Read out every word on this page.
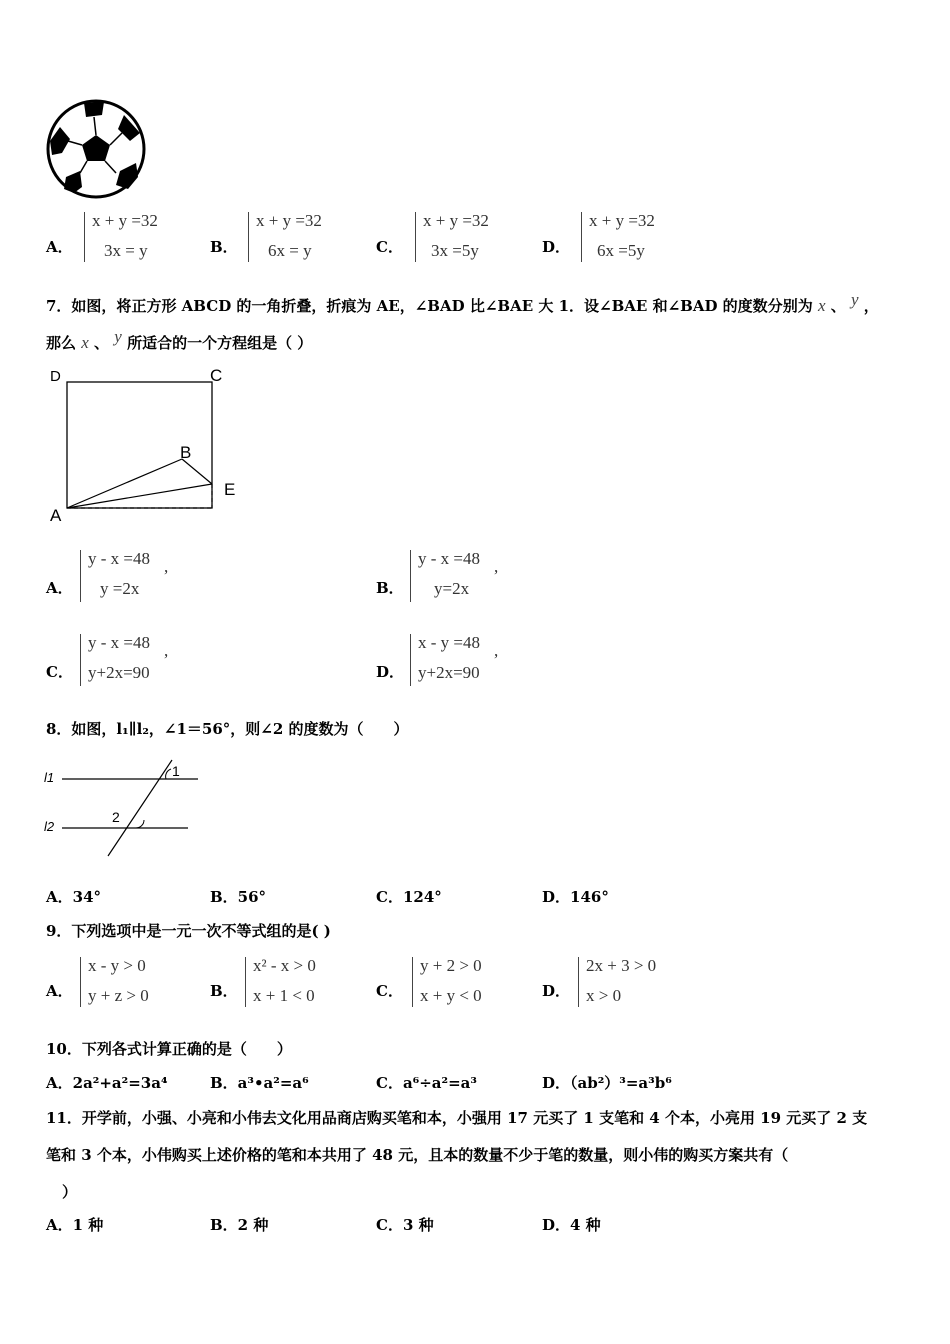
A．
x + y =32
3x = y	B．
x + y =32
6x = y	C．
x + y =32
3x =5y	D．
x + y =32
6x =5y
7．如图，将正方形 ABCD 的一角折叠，折痕为 AE，∠BAD 比∠BAE 大 1．设∠BAE 和∠BAD 的度数分别为 x 、 y ，
那么 x 、 y 所适合的一个方程组是（ ）
D	C
B
E
A
A．
y - x =48
y =2x
,
B．
y - x =48
y=2x
,
C．
y - x =48
y+2x=90
,
D．
x - y =48
y+2x=90
,
8．如图，l₁∥l₂，∠1＝56°，则∠2 的度数为（　　）
l1
l2
1
2
A．34°	B．56°	C．124°	D．146°
9．下列选项中是一元一次不等式组的是( )
A．
x - y > 0
y + z > 0	B．
x² - x > 0
x + 1 < 0	C．
y + 2 > 0
x + y < 0	D．
2x + 3 > 0
x > 0
10．下列各式计算正确的是（　　）
A．2a²+a²=3a⁴	B．a³•a²=a⁶	C．a⁶÷a²=a³	D．（ab²）³=a³b⁶
11．开学前，小强、小亮和小伟去文化用品商店购买笔和本，小强用 17 元买了 1 支笔和 4 个本，小亮用 19 元买了 2 支
笔和 3 个本，小伟购买上述价格的笔和本共用了 48 元，且本的数量不少于笔的数量，则小伟的购买方案共有（
）
A．1 种	B．2 种	C．3 种	D．4 种
